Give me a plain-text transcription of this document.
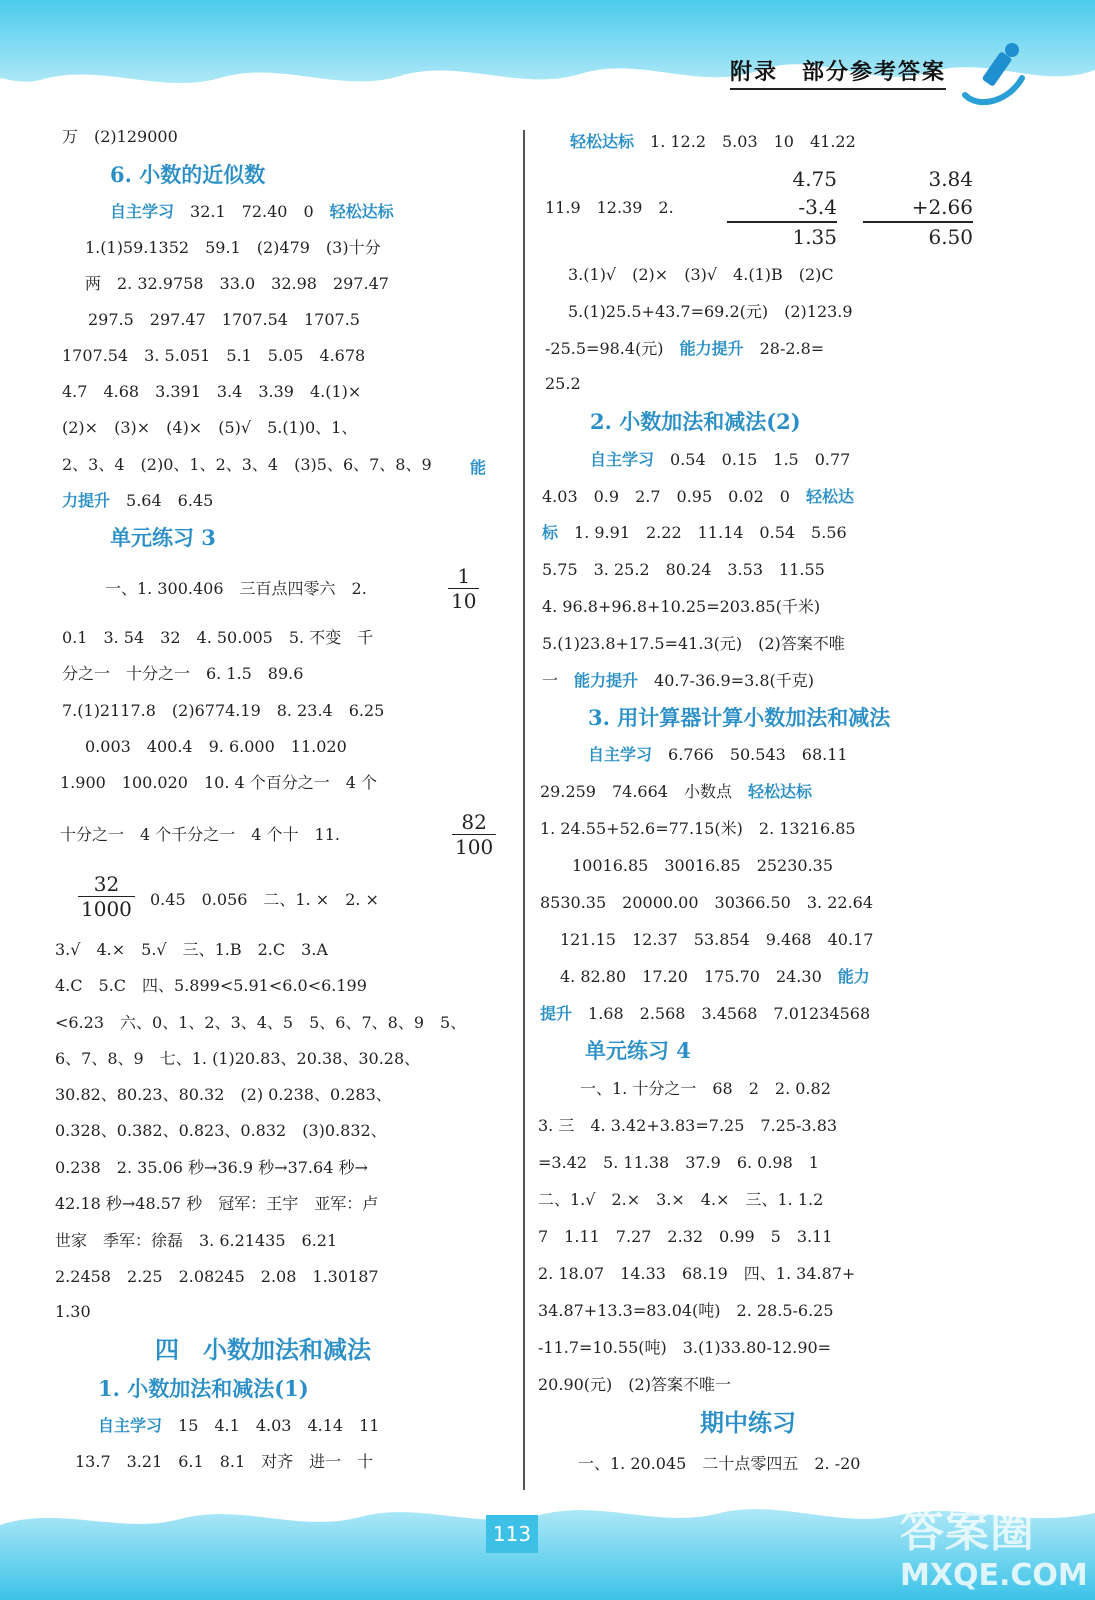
附录 部分参考答案
万　(2)129000
6. 小数的近似数
自主学习　32.1　72.40　0　轻松达标
1.(1)59.1352　59.1　(2)479　(3)十分
两　2. 32.9758　33.0　32.98　297.47
297.5　297.47　1707.54　1707.5
1707.54　3. 5.051　5.1　5.05　4.678
4.7　4.68　3.391　3.4　3.39　4.(1)×
(2)×　(3)×　(4)×　(5)√　5.(1)0、1、
2、3、4　(2)0、1、2、3、4　(3)5、6、7、8、9 能
力提升　5.64　6.45
单元练习 3
一、1. 300.406　三百点四零六　2.	$\frac{1}{10}$
0.1　3. 54　32　4. 50.005　5. 不变　千
分之一　十分之一　6. 1.5　89.6
7.(1)2117.8　(2)6774.19　8. 23.4　6.25
0.003　400.4　9. 6.000　11.020
1.900　100.020　10. 4 个百分之一　4 个
十分之一　4 个千分之一　4 个十　11.	$\frac{82}{100}$
$\frac{32}{1000} 0.45$　0.056　二、1. ×　2. ×
3.√　4.×　5.√　三、1.B　2.C　3.A
4.C　5.C　四、5.899<5.91<6.0<6.199
<6.23　六、0、1、2、3、4、5　5、6、7、8、9　5、
6、7、8、9　七、1. (1)20.83、20.38、30.28、
30.82、80.23、80.32　(2) 0.238、0.283、
0.328、0.382、0.823、0.832　(3)0.832、
0.238　2. 35.06 秒→36.9 秒→37.64 秒→
42.18 秒→48.57 秒　冠军：王宇　亚军：卢
世家　季军：徐磊　3. 6.21435　6.21
2.2458　2.25　2.08245　2.08　1.30187
1.30
四　小数加法和减法
1. 小数加法和减法(1)
自主学习　15　4.1　4.03　4.14　11
13.7　3.21　6.1　8.1　对齐　进一　十
轻松达标　1. 12.2　5.03　10　41.22
11.9　12.39　2.
4.75
-3.4
1.35
3.84
+2.66
6.50
3.(1)√　(2)×　(3)√　4.(1)B　(2)C
5.(1)25.5+43.7=69.2(元)　(2)123.9
-25.5=98.4(元)　能力提升　28-2.8=
25.2
2. 小数加法和减法(2)
自主学习　0.54　0.15　1.5　0.77
4.03　0.9　2.7　0.95　0.02　0　轻松达
标　1. 9.91　2.22　11.14　0.54　5.56
5.75　3. 25.2　80.24　3.53　11.55
4. 96.8+96.8+10.25=203.85(千米)
5.(1)23.8+17.5=41.3(元)　(2)答案不唯
一　能力提升　40.7-36.9=3.8(千克)
3. 用计算器计算小数加法和减法
自主学习　6.766　50.543　68.11
29.259　74.664　小数点　轻松达标
1. 24.55+52.6=77.15(米)　2. 13216.85
10016.85　30016.85　25230.35
8530.35　20000.00　30366.50　3. 22.64
121.15　12.37　53.854　9.468　40.17
4. 82.80　17.20　175.70　24.30　能力
提升　1.68　2.568　3.4568　7.01234568
单元练习 4
一、1. 十分之一　68　2　2. 0.82
3. 三　4. 3.42+3.83=7.25　7.25-3.83
=3.42　5. 11.38　37.9　6. 0.98　1
二、1.√　2.×　3.×　4.×　三、1. 1.2
7　1.11　7.27　2.32　0.99　5　3.11
2. 18.07　14.33　68.19　四、1. 34.87+
34.87+13.3=83.04(吨)　2. 28.5-6.25
-11.7=10.55(吨)　3.(1)33.80-12.90=
20.90(元)　(2)答案不唯一
期中练习
一、1. 20.045　二十点零四五　2. -20
113	答案圈
MXQE.COM
